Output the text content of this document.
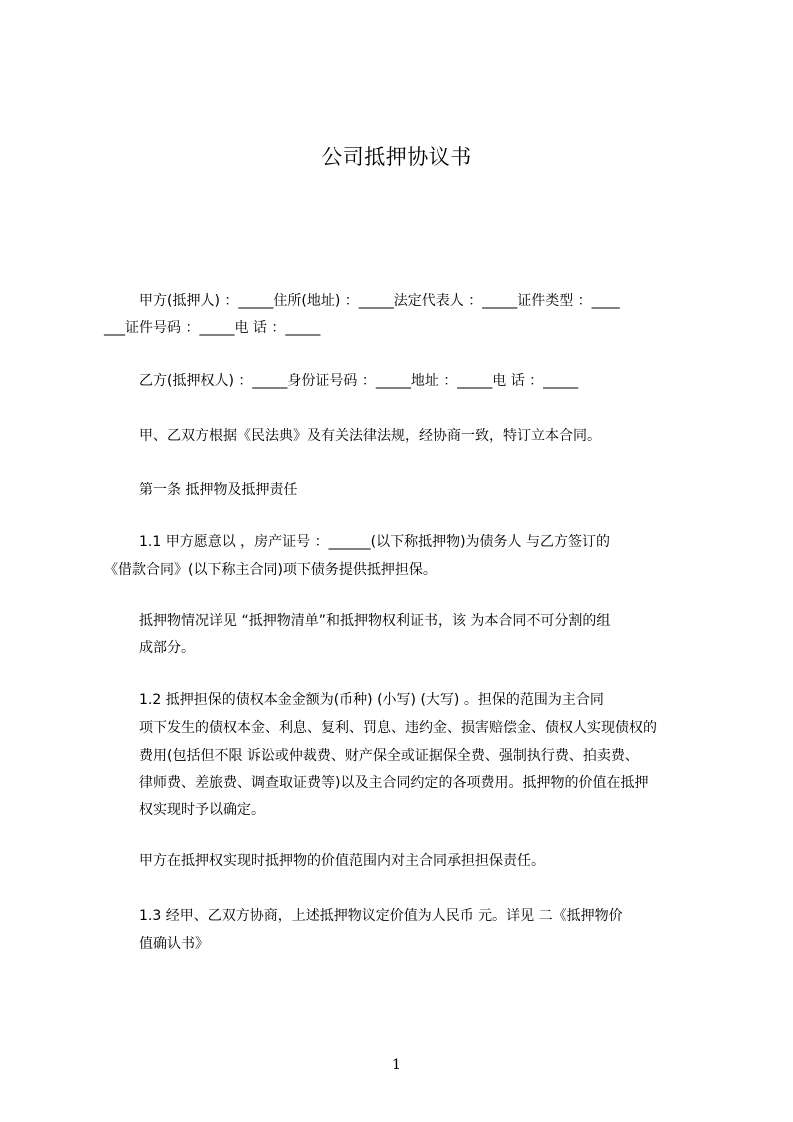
公司抵押协议书
甲方(抵押人) ：_____住所(地址) ：_____法定代表人 ：_____证件类型 ：____
___证件号码 ：_____电 话 ：_____
乙方(抵押权人) ：_____身份证号码 ：_____地址 ：_____电 话 ：_____
甲、乙双方根据《民法典》及有关法律法规，经协商一致，特订立本合同。
第一条 抵押物及抵押责任
1.1 甲方愿意以 ，房产证号 ：______(以下称抵押物)为债务人 与乙方签订的
《借款合同》(以下称主合同)项下债务提供抵押担保。
抵押物情况详见 “抵押物清单”和抵押物权利证书，该 为本合同不可分割的组
成部分。
1.2 抵押担保的债权本金金额为(币种) (小写) (大写) 。担保的范围为主合同
项下发生的债权本金、利息、复利、罚息、违约金、损害赔偿金、债权人实现债权的
费用(包括但不限 诉讼或仲裁费、财产保全或证据保全费、强制执行费、拍卖费、
律师费、差旅费、调查取证费等)以及主合同约定的各项费用。抵押物的价值在抵押
权实现时予以确定。
甲方在抵押权实现时抵押物的价值范围内对主合同承担担保责任。
1.3 经甲、乙双方协商，上述抵押物议定价值为人民币 元。详见 二《抵押物价
值确认书》
1
